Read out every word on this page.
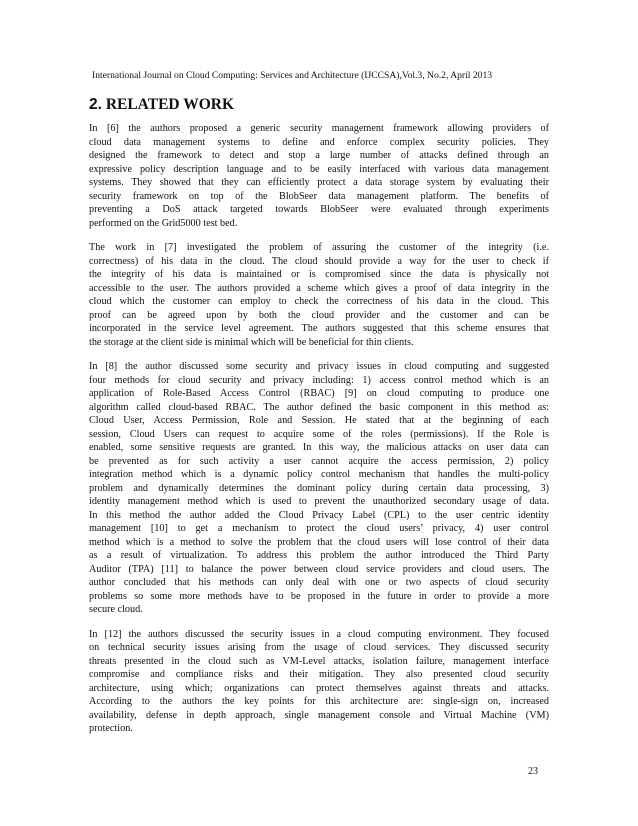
International Journal on Cloud Computing: Services and Architecture (IJCCSA),Vol.3, No.2, April 2013
2. RELATED WORK
In [6] the authors proposed a generic security management framework allowing providers of
cloud data management systems to define and enforce complex security policies. They
designed the framework to detect and stop a large number of attacks defined through an
expressive policy description language and to be easily interfaced with various data management
systems. They showed that they can efficiently protect a data storage system by evaluating their
security framework on top of the BlobSeer data management platform. The benefits of
preventing a DoS attack targeted towards BlobSeer were evaluated through experiments
performed on the Grid5000 test bed.
The work in [7] investigated the problem of assuring the customer of the integrity (i.e.
correctness) of his data in the cloud. The cloud should provide a way for the user to check if
the integrity of his data is maintained or is compromised since the data is physically not
accessible to the user. The authors provided a scheme which gives a proof of data integrity in the
cloud which the customer can employ to check the correctness of his data in the cloud. This
proof can be agreed upon by both the cloud provider and the customer and can be
incorporated in the service level agreement. The authors suggested that this scheme ensures that
the storage at the client side is minimal which will be beneficial for thin clients.
In [8] the author discussed some security and privacy issues in cloud computing and suggested
four methods for cloud security and privacy including: 1) access control method which is an
application of Role-Based Access Control (RBAC) [9] on cloud computing to produce one
algorithm called cloud-based RBAC. The author defined the basic component in this method as:
Cloud User, Access Permission, Role and Session. He stated that at the beginning of each
session, Cloud Users can request to acquire some of the roles (permissions). If the Role is
enabled, some sensitive requests are granted. In this way, the malicious attacks on user data can
be prevented as for such activity a user cannot acquire the access permission, 2) policy
integration method which is a dynamic policy control mechanism that handles the multi-policy
problem and dynamically determines the dominant policy during certain data processing, 3)
identity management method which is used to prevent the unauthorized secondary usage of data.
In this method the author added the Cloud Privacy Label (CPL) to the user centric identity
management [10] to get a mechanism to protect the cloud users’ privacy, 4) user control
method which is a method to solve the problem that the cloud users will lose control of their data
as a result of virtualization. To address this problem the author introduced the Third Party
Auditor (TPA) [11] to balance the power between cloud service providers and cloud users. The
author concluded that his methods can only deal with one or two aspects of cloud security
problems so some more methods have to be proposed in the future in order to provide a more
secure cloud.
In [12] the authors discussed the security issues in a cloud computing environment. They focused
on technical security issues arising from the usage of cloud services. They discussed security
threats presented in the cloud such as VM-Level attacks, isolation failure, management interface
compromise and compliance risks and their mitigation. They also presented cloud security
architecture, using which; organizations can protect themselves against threats and attacks.
According to the authors the key points for this architecture are: single-sign on, increased
availability, defense in depth approach, single management console and Virtual Machine (VM)
protection.
23
